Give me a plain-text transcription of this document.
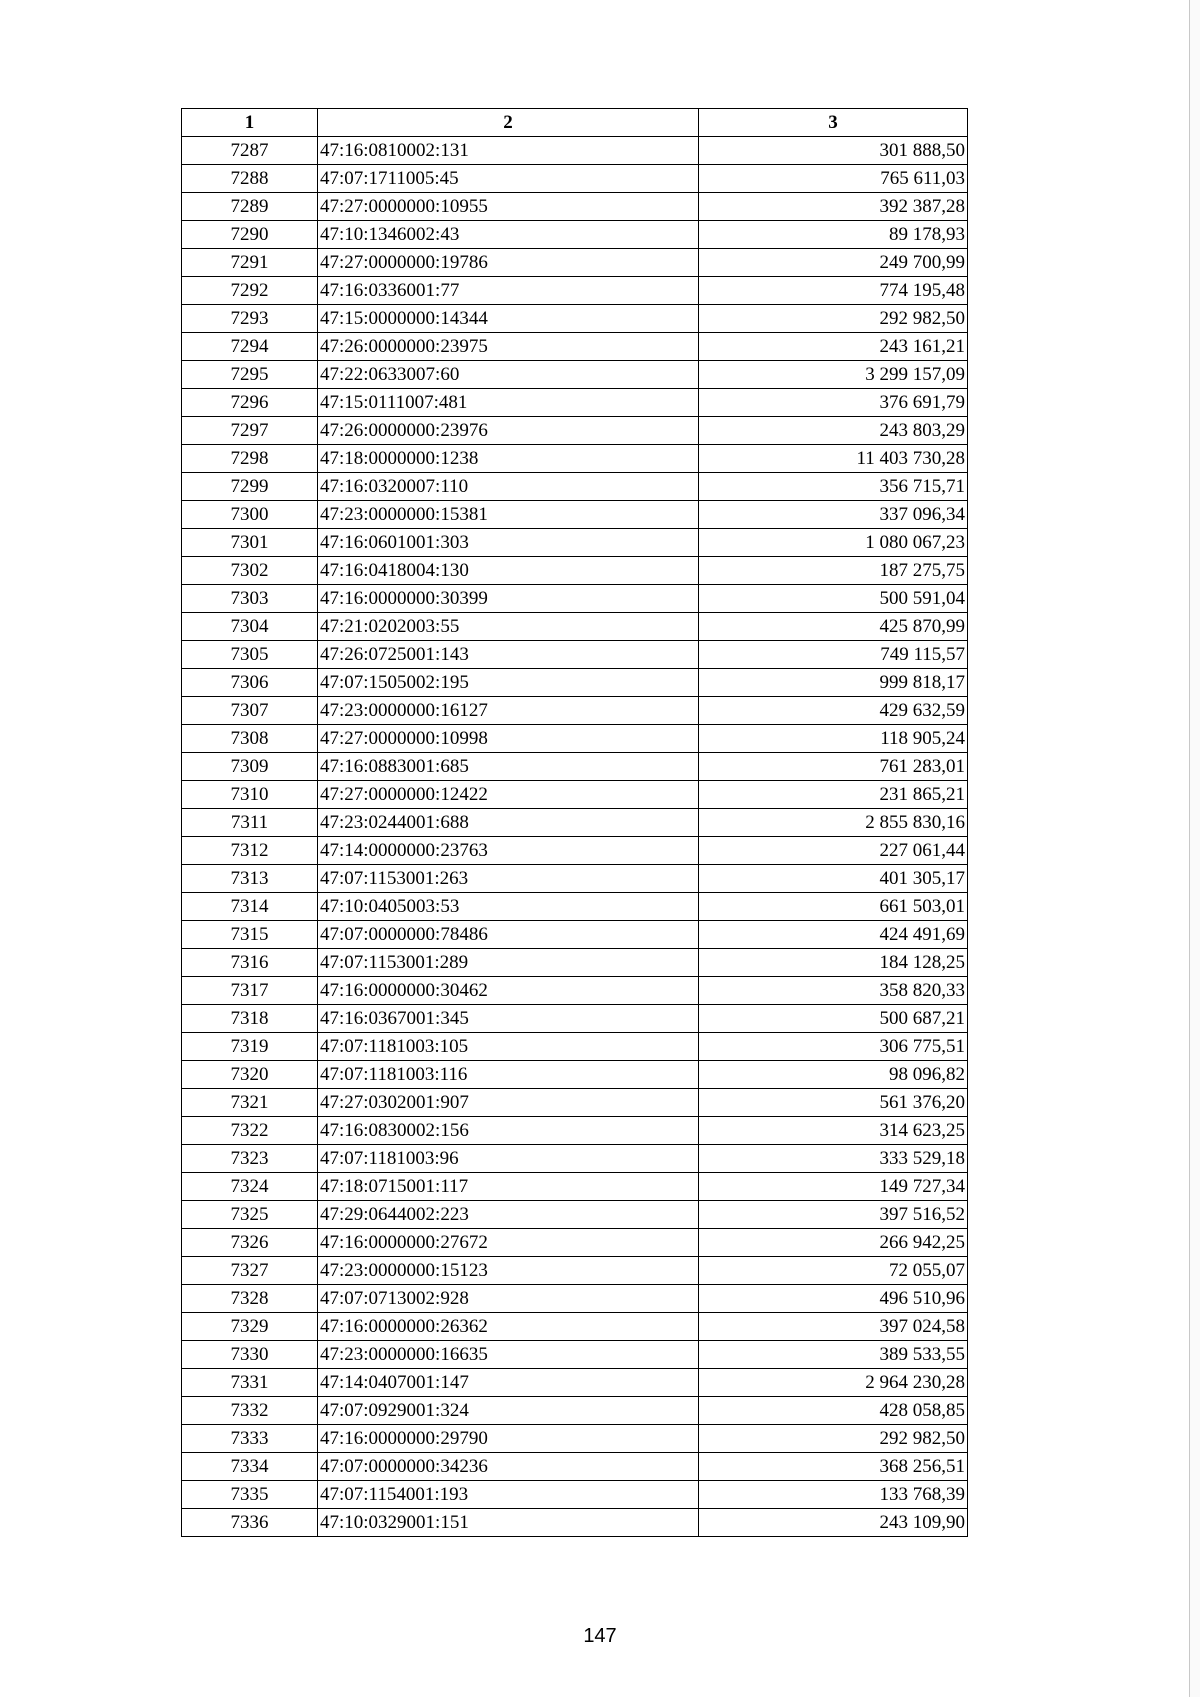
1	2	3
7287	47:16:0810002:131	301 888,50
7288	47:07:1711005:45	765 611,03
7289	47:27:0000000:10955	392 387,28
7290	47:10:1346002:43	89 178,93
7291	47:27:0000000:19786	249 700,99
7292	47:16:0336001:77	774 195,48
7293	47:15:0000000:14344	292 982,50
7294	47:26:0000000:23975	243 161,21
7295	47:22:0633007:60	3 299 157,09
7296	47:15:0111007:481	376 691,79
7297	47:26:0000000:23976	243 803,29
7298	47:18:0000000:1238	11 403 730,28
7299	47:16:0320007:110	356 715,71
7300	47:23:0000000:15381	337 096,34
7301	47:16:0601001:303	1 080 067,23
7302	47:16:0418004:130	187 275,75
7303	47:16:0000000:30399	500 591,04
7304	47:21:0202003:55	425 870,99
7305	47:26:0725001:143	749 115,57
7306	47:07:1505002:195	999 818,17
7307	47:23:0000000:16127	429 632,59
7308	47:27:0000000:10998	118 905,24
7309	47:16:0883001:685	761 283,01
7310	47:27:0000000:12422	231 865,21
7311	47:23:0244001:688	2 855 830,16
7312	47:14:0000000:23763	227 061,44
7313	47:07:1153001:263	401 305,17
7314	47:10:0405003:53	661 503,01
7315	47:07:0000000:78486	424 491,69
7316	47:07:1153001:289	184 128,25
7317	47:16:0000000:30462	358 820,33
7318	47:16:0367001:345	500 687,21
7319	47:07:1181003:105	306 775,51
7320	47:07:1181003:116	98 096,82
7321	47:27:0302001:907	561 376,20
7322	47:16:0830002:156	314 623,25
7323	47:07:1181003:96	333 529,18
7324	47:18:0715001:117	149 727,34
7325	47:29:0644002:223	397 516,52
7326	47:16:0000000:27672	266 942,25
7327	47:23:0000000:15123	72 055,07
7328	47:07:0713002:928	496 510,96
7329	47:16:0000000:26362	397 024,58
7330	47:23:0000000:16635	389 533,55
7331	47:14:0407001:147	2 964 230,28
7332	47:07:0929001:324	428 058,85
7333	47:16:0000000:29790	292 982,50
7334	47:07:0000000:34236	368 256,51
7335	47:07:1154001:193	133 768,39
7336	47:10:0329001:151	243 109,90
147
